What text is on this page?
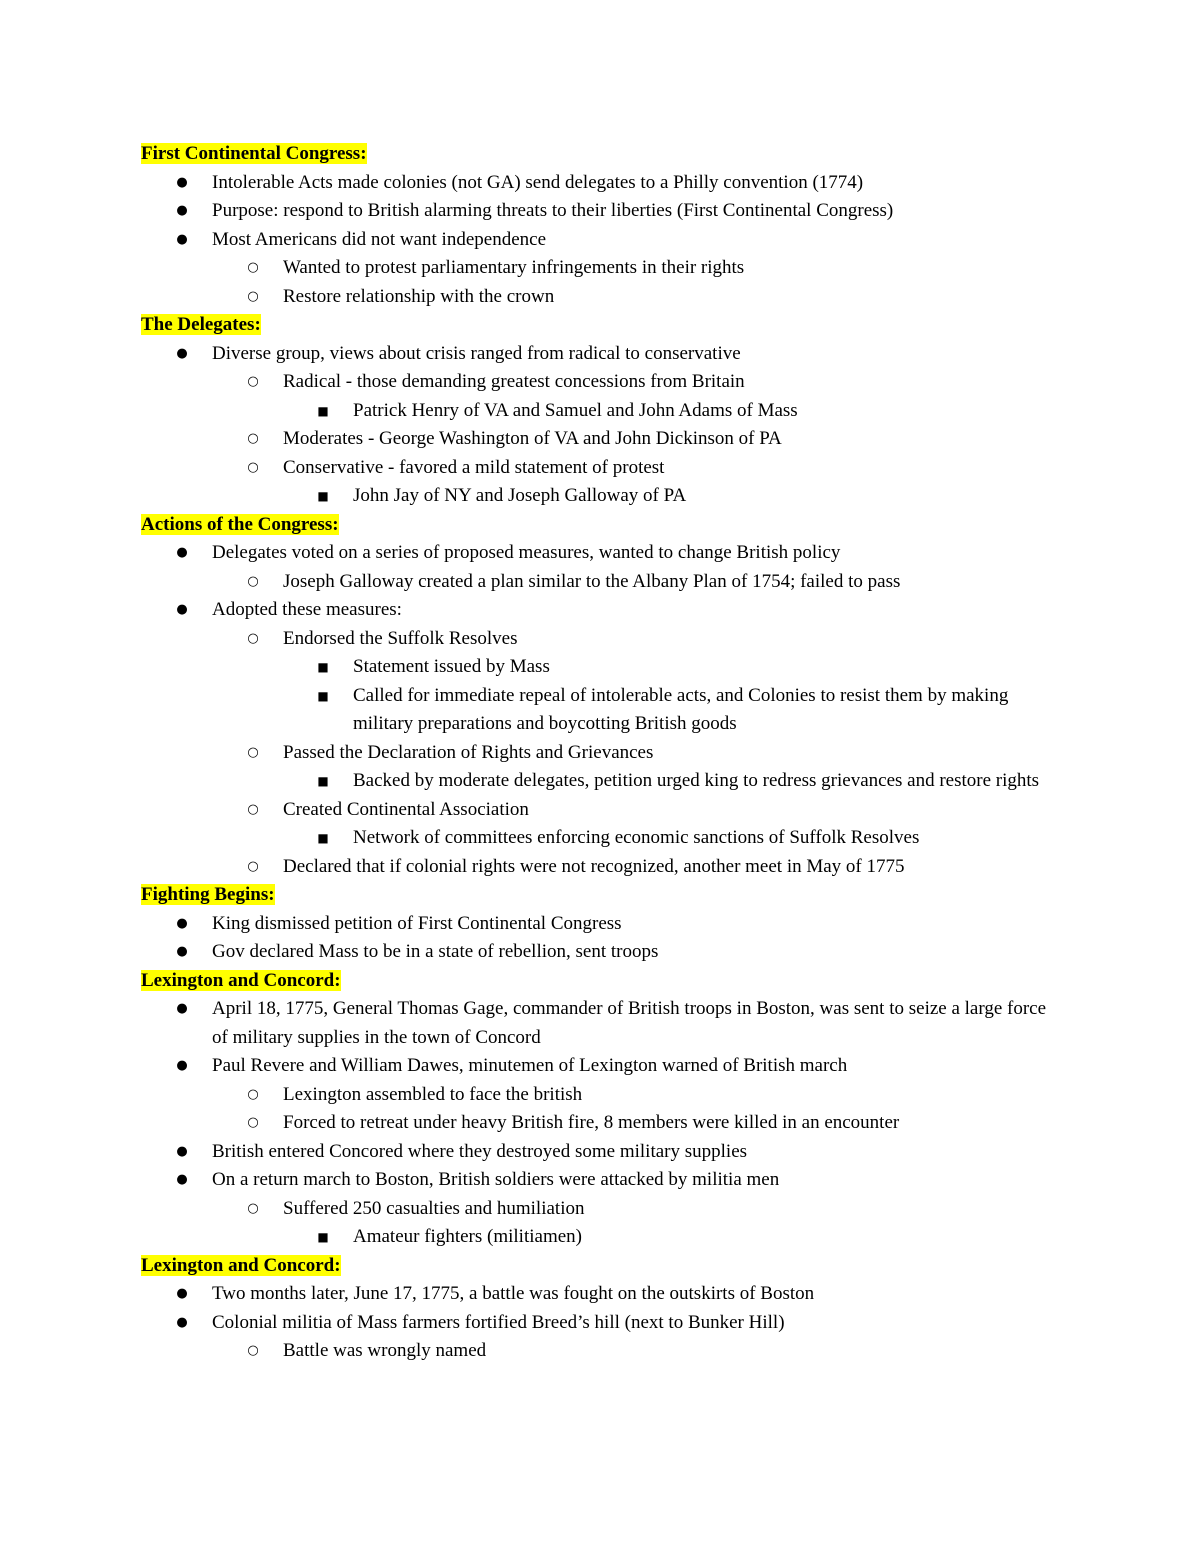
First Continental Congress:
● Intolerable Acts made colonies (not GA) send delegates to a Philly convention (1774)
● Purpose: respond to British alarming threats to their liberties (First Continental Congress)
● Most Americans did not want independence
○ Wanted to protest parliamentary infringements in their rights
○ Restore relationship with the crown
The Delegates:
● Diverse group, views about crisis ranged from radical to conservative
○ Radical - those demanding greatest concessions from Britain
■ Patrick Henry of VA and Samuel and John Adams of Mass
○ Moderates - George Washington of VA and John Dickinson of PA
○ Conservative - favored a mild statement of protest
■ John Jay of NY and Joseph Galloway of PA
Actions of the Congress:
● Delegates voted on a series of proposed measures, wanted to change British policy
○ Joseph Galloway created a plan similar to the Albany Plan of 1754; failed to pass
● Adopted these measures:
○ Endorsed the Suffolk Resolves
■ Statement issued by Mass
■ Called for immediate repeal of intolerable acts, and Colonies to resist them by making military preparations and boycotting British goods
○ Passed the Declaration of Rights and Grievances
■ Backed by moderate delegates, petition urged king to redress grievances and restore rights
○ Created Continental Association
■ Network of committees enforcing economic sanctions of Suffolk Resolves
○ Declared that if colonial rights were not recognized, another meet in May of 1775
Fighting Begins:
● King dismissed petition of First Continental Congress
● Gov declared Mass to be in a state of rebellion, sent troops
Lexington and Concord:
● April 18, 1775, General Thomas Gage, commander of British troops in Boston, was sent to seize a large force of military supplies in the town of Concord
● Paul Revere and William Dawes, minutemen of Lexington warned of British march
○ Lexington assembled to face the british
○ Forced to retreat under heavy British fire, 8 members were killed in an encounter
● British entered Concored where they destroyed some military supplies
● On a return march to Boston, British soldiers were attacked by militia men
○ Suffered 250 casualties and humiliation
■ Amateur fighters (militiamen)
Lexington and Concord:
● Two months later, June 17, 1775, a battle was fought on the outskirts of Boston
● Colonial militia of Mass farmers fortified Breed’s hill (next to Bunker Hill)
○ Battle was wrongly named
